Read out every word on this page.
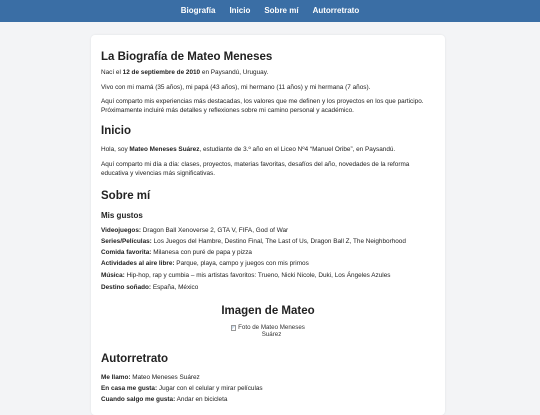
Biografía	Inicio	Sobre mí	Autorretrato
La Biografía de Mateo Meneses

Nací el 12 de septiembre de 2010 en Paysandú, Uruguay.

Vivo con mi mamá (35 años), mi papá (43 años), mi hermano (11 años) y mi hermana (7 años).

Aquí comparto mis experiencias más destacadas, los valores que me definen y los proyectos en los que participo. Próximamente incluiré más detalles y reflexiones sobre mi camino personal y académico.

Inicio

Hola, soy Mateo Meneses Suárez, estudiante de 3.º año en el Liceo Nº4 “Manuel Oribe”, en Paysandú.

Aquí comparto mi día a día: clases, proyectos, materias favoritas, desafíos del año, novedades de la reforma educativa y vivencias más significativas.

Sobre mí
Mis gustos

Videojuegos: Dragon Ball Xenoverse 2, GTA V, FIFA, God of War

Series/Películas: Los Juegos del Hambre, Destino Final, The Last of Us, Dragon Ball Z, The Neighborhood

Comida favorita: Milanesa con puré de papa y pizza

Actividades al aire libre: Parque, playa, campo y juegos con mis primos

Música: Hip-hop, rap y cumbia – mis artistas favoritos: Trueno, Nicki Nicole, Duki, Los Ángeles Azules

Destino soñado: España, México

Imagen de Mateo
Foto de Mateo Meneses
Suárez
Autorretrato

Me llamo: Mateo Meneses Suárez

En casa me gusta: Jugar con el celular y mirar películas

Cuando salgo me gusta: Andar en bicicleta
